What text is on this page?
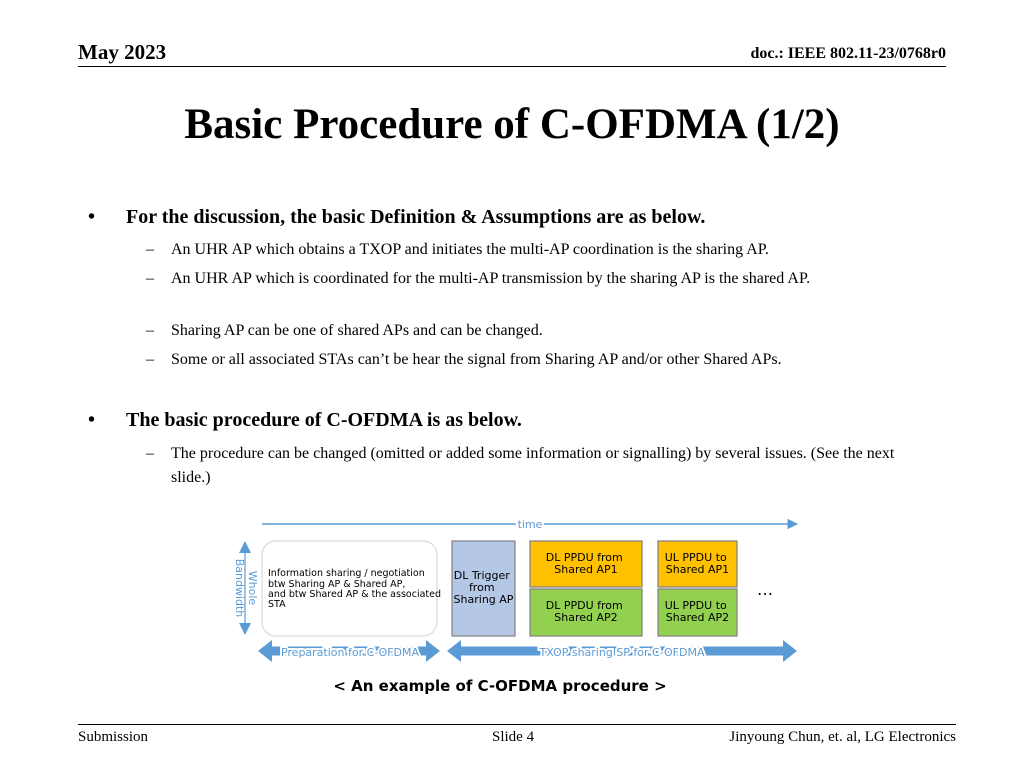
May 2023	doc.: IEEE 802.11-23/0768r0
Basic Procedure of C-OFDMA (1/2)
• For the discussion, the basic Definition & Assumptions are as below.
– An UHR AP which obtains a TXOP and initiates the multi-AP coordination is the sharing AP.
– An UHR AP which is coordinated for the multi-AP transmission by the sharing AP is the shared AP.
– Sharing AP can be one of shared APs and can be changed.
– Some or all associated STAs can’t be hear the signal from Sharing AP and/or other Shared APs.
• The basic procedure of C-OFDMA is as below.
– The procedure can be changed (omitted or added some information or signalling) by several issues. (See the next slide.)
time
Whole
Bandwidth Information sharing / negotiation btw Sharing AP & Shared AP, and btw Shared AP & the associated STA
DL Trigger from Sharing AP
DL PPDU from Shared AP1
DL PPDU from Shared AP2
UL PPDU to Shared AP1
UL PPDU to Shared AP2
…
Preparation for C-OFDMA	TXOP sharing SP for C-OFDMA
< An example of C-OFDMA procedure >
Submission	Slide 4	Jinyoung Chun, et. al, LG Electronics
